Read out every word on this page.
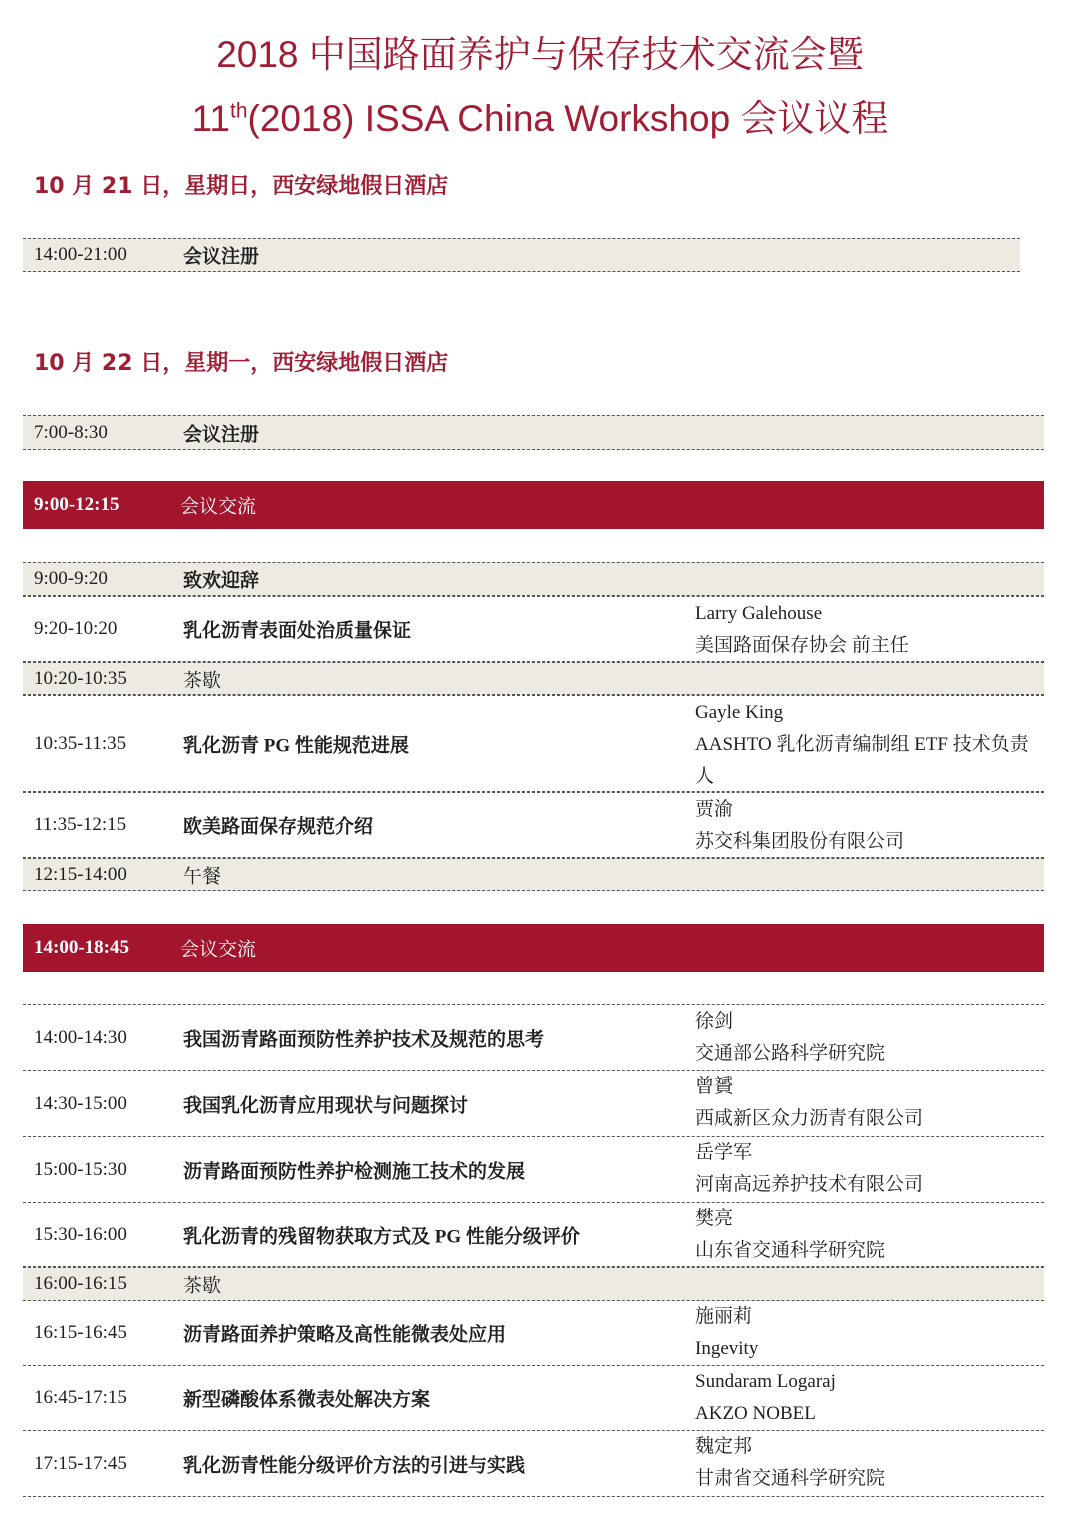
2018 中国路面养护与保存技术交流会暨
11th(2018) ISSA China Workshop 会议议程
10 月 21 日，星期日，西安绿地假日酒店
14:00-21:00	会议注册
10 月 22 日，星期一，西安绿地假日酒店
7:00-8:30	会议注册
9:00-12:15	会议交流
9:00-9:20	致欢迎辞
9:20-10:20	乳化沥青表面处治质量保证
Larry Galehouse
美国路面保存协会 前主任
10:20-10:35	茶歇
10:35-11:35	乳化沥青 PG 性能规范进展
Gayle King
AASHTO 乳化沥青编制组 ETF 技术负责人
11:35-12:15	欧美路面保存规范介绍
贾渝
苏交科集团股份有限公司
12:15-14:00	午餐
14:00-18:45	会议交流
14:00-14:30	我国沥青路面预防性养护技术及规范的思考
徐剑
交通部公路科学研究院
14:30-15:00	我国乳化沥青应用现状与问题探讨
曾贇
西咸新区众力沥青有限公司
15:00-15:30	沥青路面预防性养护检测施工技术的发展
岳学军
河南高远养护技术有限公司
15:30-16:00	乳化沥青的残留物获取方式及 PG 性能分级评价
樊亮
山东省交通科学研究院
16:00-16:15	茶歇
16:15-16:45	沥青路面养护策略及高性能微表处应用
施丽莉
Ingevity
16:45-17:15	新型磷酸体系微表处解决方案
Sundaram Logaraj
AKZO NOBEL
17:15-17:45	乳化沥青性能分级评价方法的引进与实践
魏定邦
甘肃省交通科学研究院
